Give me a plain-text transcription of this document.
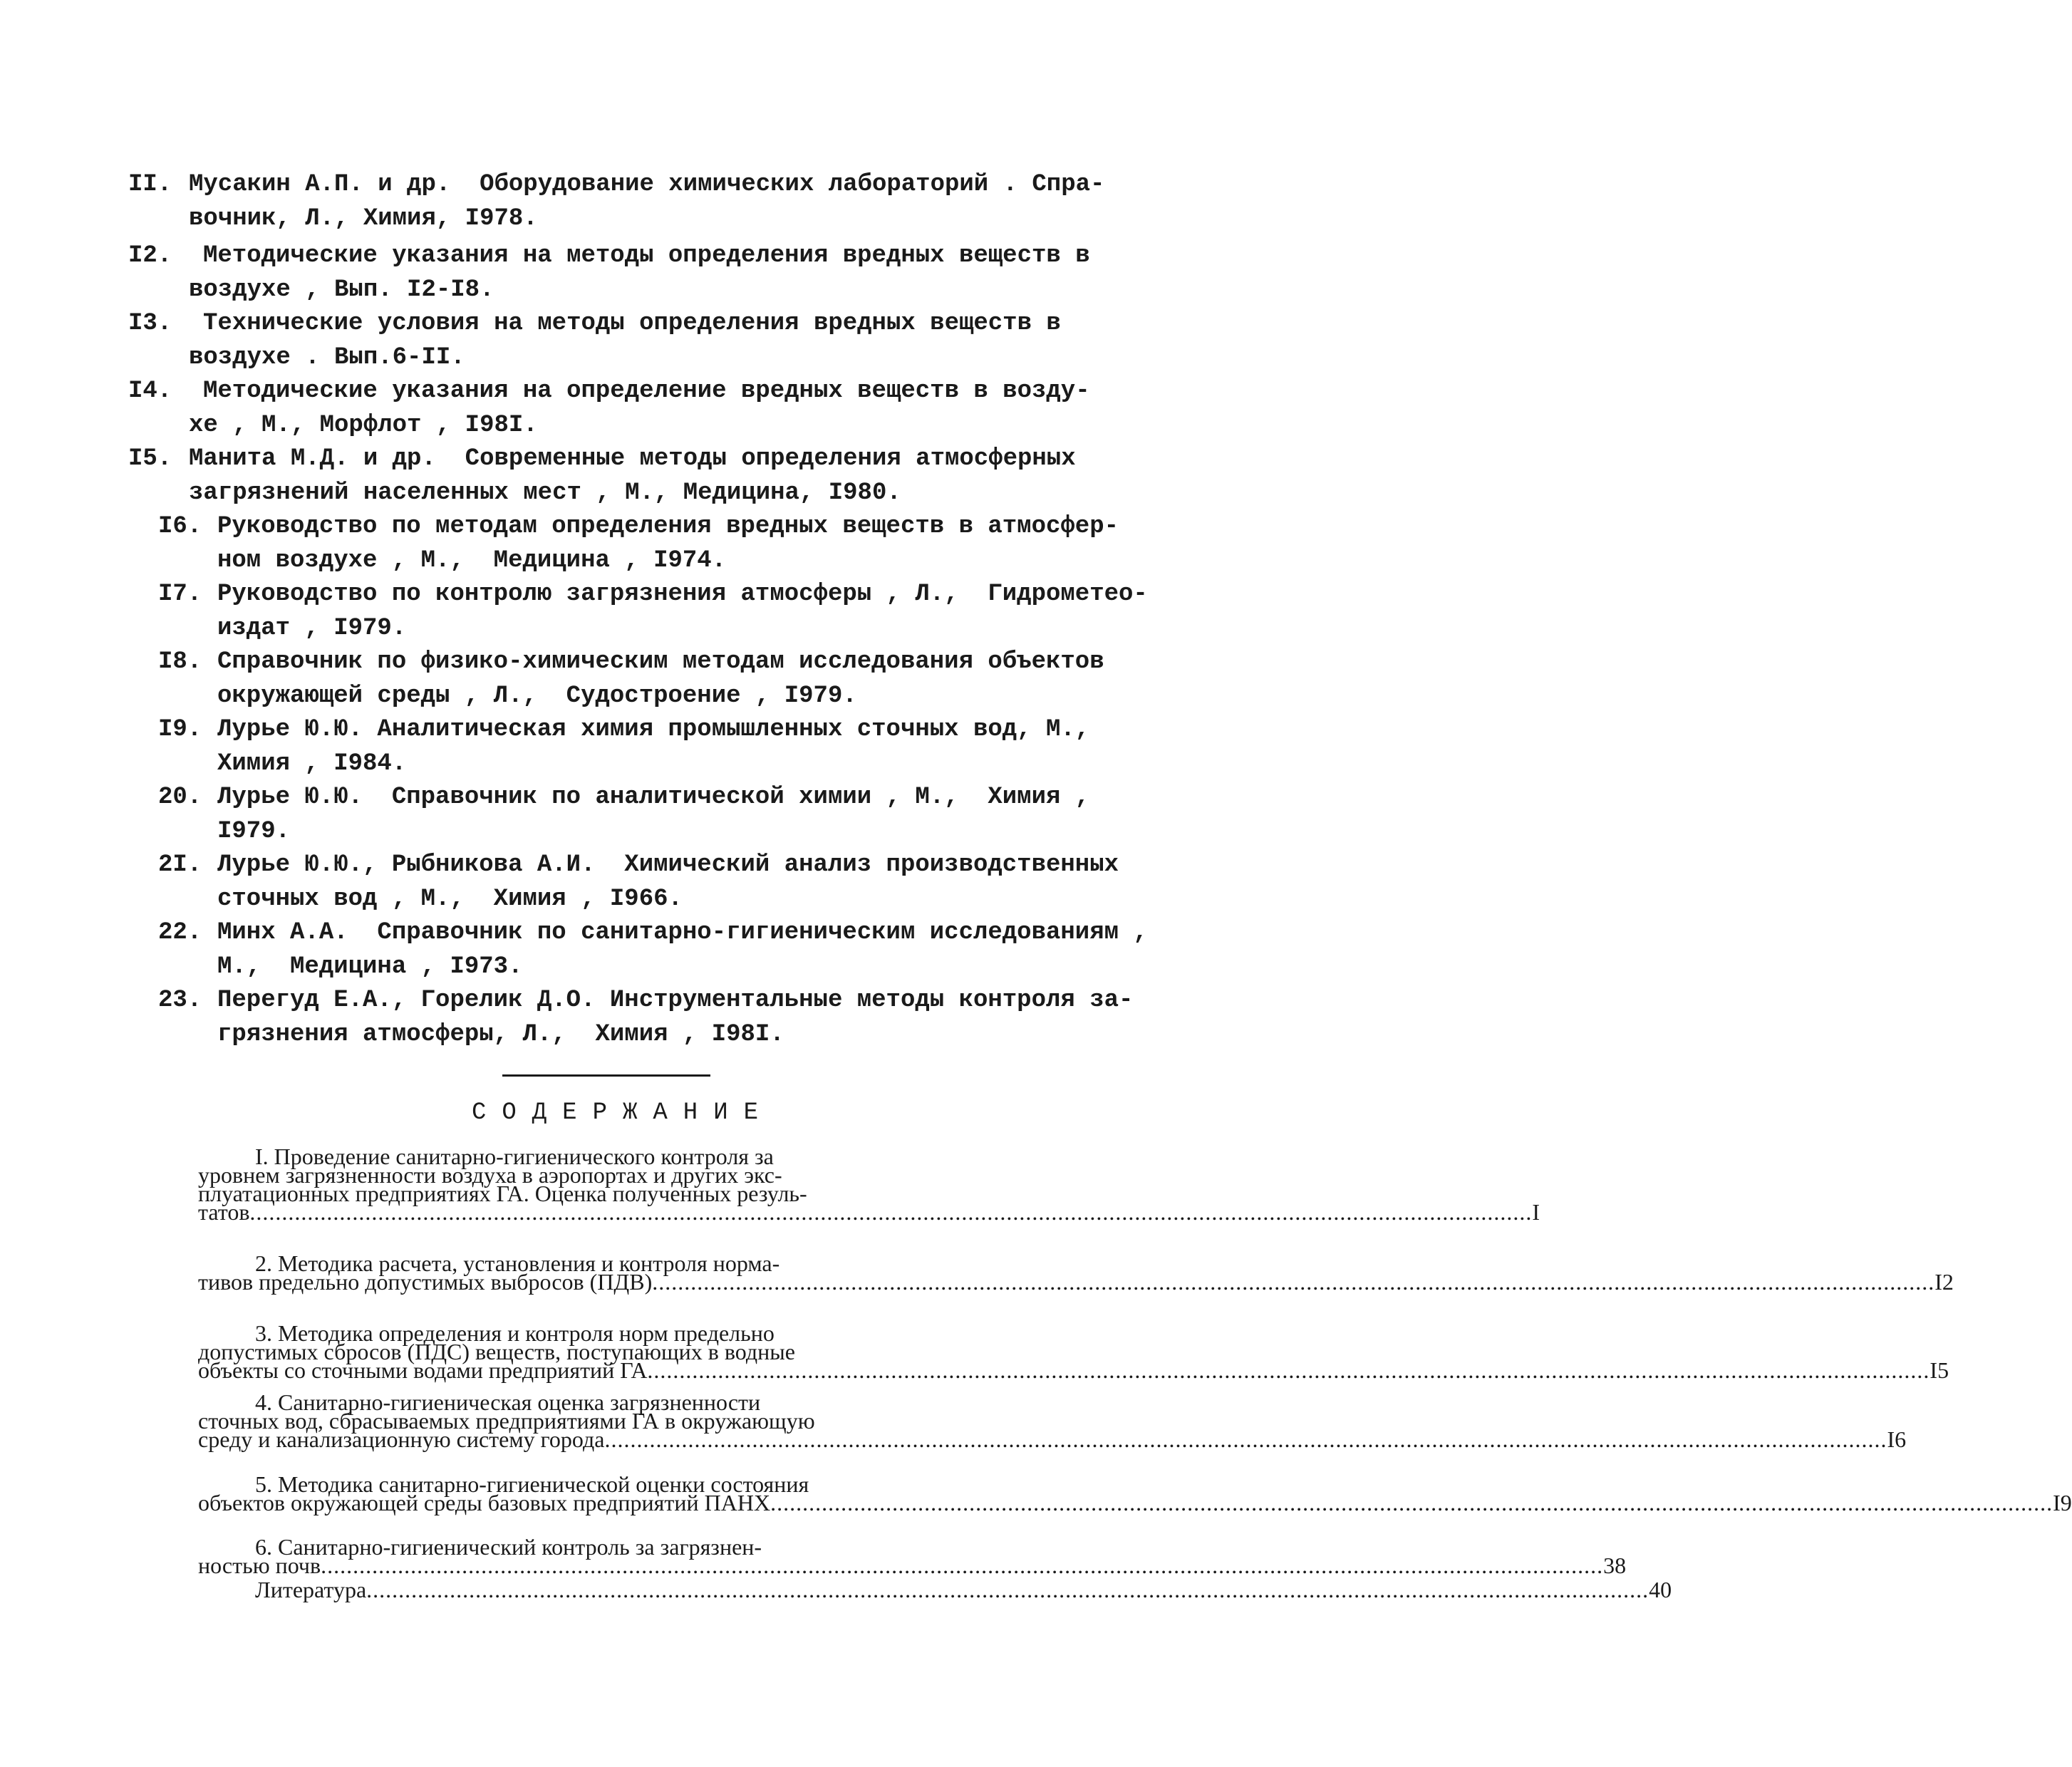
II. Мусакин А.П. и др.  Оборудование химических лабораторий . Спра-
вочник, Л., Химия, I978.
I2. Методические указания на методы определения вредных веществ в
воздухе , Вып. I2-I8.
I3. Технические условия на методы определения вредных веществ в
воздухе . Вып.6-II.
I4. Методические указания на определение вредных веществ в возду-
хе , М., Морфлот , I98I.
I5. Манита М.Д. и др.  Современные методы определения атмосферных
загрязнений населенных мест , М., Медицина, I980.
I6. Руководство по методам определения вредных веществ в атмосфер-
ном воздухе , М.,  Медицина , I974.
I7. Руководство по контролю загрязнения атмосферы , Л.,  Гидрометео-
издат , I979.
I8. Справочник по физико-химическим методам исследования объектов
окружающей среды , Л.,  Судостроение , I979.
I9. Лурье Ю.Ю. Аналитическая химия промышленных сточных вод, М.,
Химия , I984.
20. Лурье Ю.Ю.  Справочник по аналитической химии , М.,  Химия ,
I979.
2I. Лурье Ю.Ю., Рыбникова А.И.  Химический анализ производственных
сточных вод , М.,  Химия , I966.
22. Минх А.А.  Справочник по санитарно-гигиеническим исследованиям ,
М.,  Медицина , I973.
23. Перегуд Е.А., Горелик Д.О. Инструментальные методы контроля за-
грязнения атмосферы, Л.,  Химия , I98I.
СОДЕРЖАНИЕ
I. Проведение санитарно-гигиенического контроля за
уровнем загрязненности воздуха в аэропортах и других экс-
плуатационных предприятиях ГА. Оценка полученных резуль-
татов ........................................................................................................................................................................................................ I
2. Методика расчета, установления и контроля норма-
тивов предельно допустимых выбросов (ПДВ) ........................................................................................................................................................................................................ I2
3. Методика определения и контроля норм предельно
допустимых сбросов (ПДС) веществ, поступающих в водные
объекты со сточными водами предприятий ГА ........................................................................................................................................................................................................ I5
4. Санитарно-гигиеническая оценка загрязненности
сточных вод, сбрасываемых предприятиями ГА в окружающую
среду и канализационную систему города ........................................................................................................................................................................................................ I6
5. Методика санитарно-гигиенической оценки состояния
объектов окружающей среды базовых предприятий ПАНХ ........................................................................................................................................................................................................ I9
6. Санитарно-гигиенический контроль за загрязнен-
ностью почв ........................................................................................................................................................................................................ 38
Литература ........................................................................................................................................................................................................ 40
